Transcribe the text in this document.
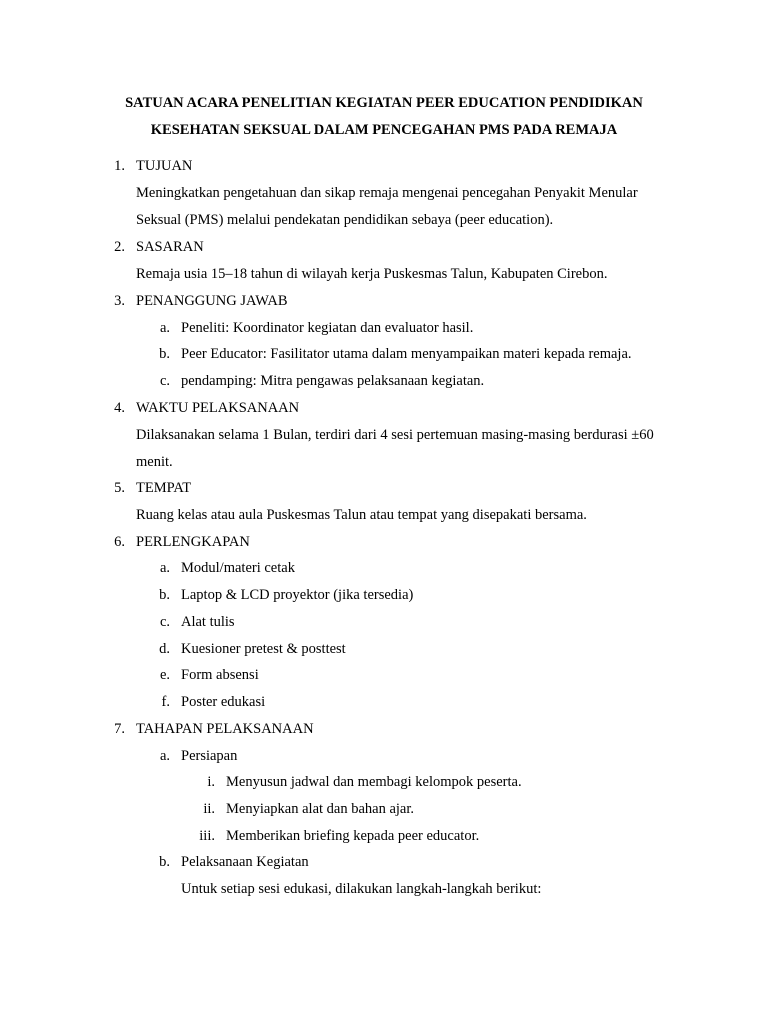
SATUAN ACARA PENELITIAN KEGIATAN PEER EDUCATION PENDIDIKAN
KESEHATAN SEKSUAL DALAM PENCEGAHAN PMS PADA REMAJA
1. TUJUAN
Meningkatkan pengetahuan dan sikap remaja mengenai pencegahan Penyakit Menular
Seksual (PMS) melalui pendekatan pendidikan sebaya (peer education).
2. SASARAN
Remaja usia 15–18 tahun di wilayah kerja Puskesmas Talun, Kabupaten Cirebon.
3. PENANGGUNG JAWAB
a. Peneliti: Koordinator kegiatan dan evaluator hasil.
b. Peer Educator: Fasilitator utama dalam menyampaikan materi kepada remaja.
c. pendamping: Mitra pengawas pelaksanaan kegiatan.
4. WAKTU PELAKSANAAN
Dilaksanakan selama 1 Bulan, terdiri dari 4 sesi pertemuan masing-masing berdurasi ±60
menit.
5. TEMPAT
Ruang kelas atau aula Puskesmas Talun atau tempat yang disepakati bersama.
6. PERLENGKAPAN
a. Modul/materi cetak
b. Laptop & LCD proyektor (jika tersedia)
c. Alat tulis
d. Kuesioner pretest & posttest
e. Form absensi
f. Poster edukasi
7. TAHAPAN PELAKSANAAN
a. Persiapan
i. Menyusun jadwal dan membagi kelompok peserta.
ii. Menyiapkan alat dan bahan ajar.
iii. Memberikan briefing kepada peer educator.
b. Pelaksanaan Kegiatan
Untuk setiap sesi edukasi, dilakukan langkah-langkah berikut:
